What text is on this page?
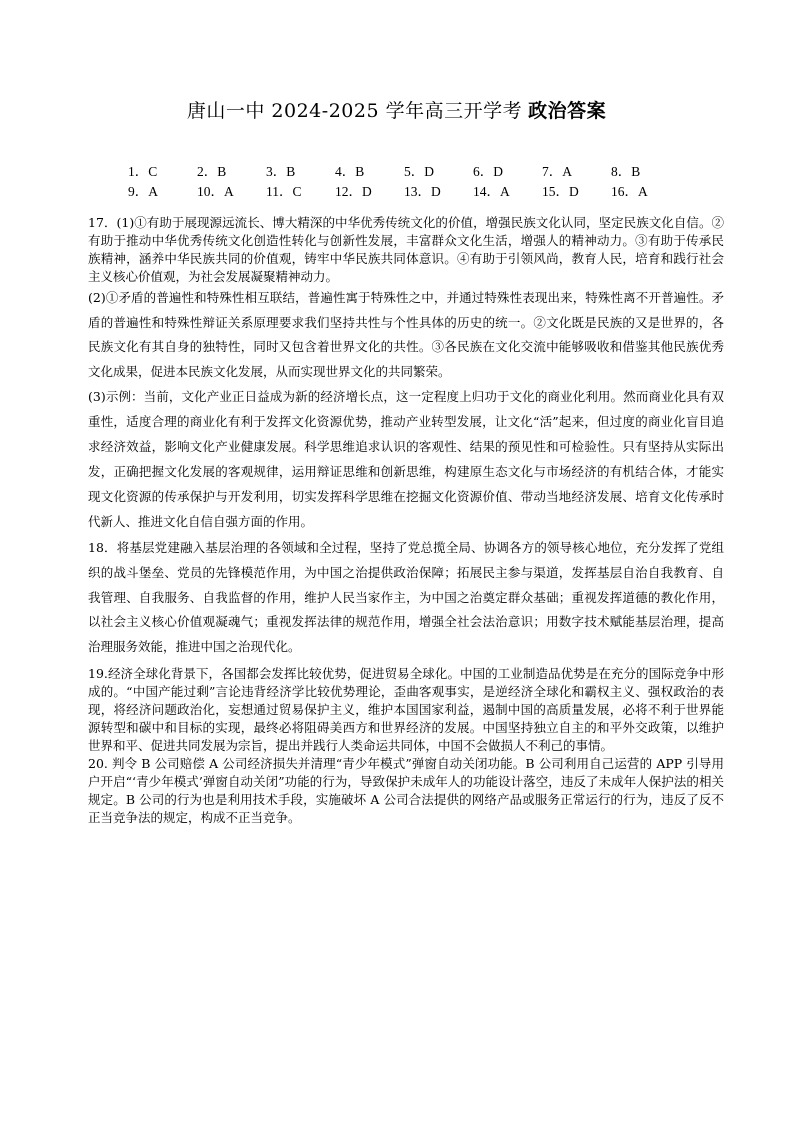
唐山一中 2024-2025 学年高三开学考 政治答案
1．C	2．B	3．B	4．B	5．D	6．D	7．A	8．B
9．A	10．A	11．C	12．D	13．D	14．A	15．D	16．A

17．(1)①有助于展现源远流长、博大精深的中华优秀传统文化的价值，增强民族文化认同，坚定民族文化自信。②有助于推动中华优秀传统文化创造性转化与创新性发展，丰富群众文化生活，增强人的精神动力。③有助于传承民族精神，涵养中华民族共同的价值观，铸牢中华民族共同体意识。④有助于引领风尚，教育人民，培育和践行社会主义核心价值观，为社会发展凝聚精神动力。

(2)①矛盾的普遍性和特殊性相互联结，普遍性寓于特殊性之中，并通过特殊性表现出来，特殊性离不开普遍性。矛盾的普遍性和特殊性辩证关系原理要求我们坚持共性与个性具体的历史的统一。②文化既是民族的又是世界的，各民族文化有其自身的独特性，同时又包含着世界文化的共性。③各民族在文化交流中能够吸收和借鉴其他民族优秀文化成果，促进本民族文化发展，从而实现世界文化的共同繁荣。

(3)示例：当前，文化产业正日益成为新的经济增长点，这一定程度上归功于文化的商业化利用。然而商业化具有双重性，适度合理的商业化有利于发挥文化资源优势，推动产业转型发展，让文化“活”起来，但过度的商业化盲目追求经济效益，影响文化产业健康发展。科学思维追求认识的客观性、结果的预见性和可检验性。只有坚持从实际出发，正确把握文化发展的客观规律，运用辩证思维和创新思维，构建原生态文化与市场经济的有机结合体，才能实现文化资源的传承保护与开发利用，切实发挥科学思维在挖掘文化资源价值、带动当地经济发展、培育文化传承时代新人、推进文化自信自强方面的作用。

18．将基层党建融入基层治理的各领域和全过程，坚持了党总揽全局、协调各方的领导核心地位，充分发挥了党组织的战斗堡垒、党员的先锋模范作用，为中国之治提供政治保障；拓展民主参与渠道，发挥基层自治自我教育、自我管理、自我服务、自我监督的作用，维护人民当家作主，为中国之治奠定群众基础；重视发挥道德的教化作用，以社会主义核心价值观凝魂气；重视发挥法律的规范作用，增强全社会法治意识；用数字技术赋能基层治理，提高治理服务效能，推进中国之治现代化。

19.经济全球化背景下，各国都会发挥比较优势，促进贸易全球化。中国的工业制造品优势是在充分的国际竞争中形成的。“中国产能过剩”言论违背经济学比较优势理论，歪曲客观事实，是逆经济全球化和霸权主义、强权政治的表现，将经济问题政治化，妄想通过贸易保护主义，维护本国国家利益，遏制中国的高质量发展，必将不利于世界能源转型和碳中和目标的实现，最终必将阻碍美西方和世界经济的发展。中国坚持独立自主的和平外交政策，以维护世界和平、促进共同发展为宗旨，提出并践行人类命运共同体，中国不会做损人不利己的事情。

20. 判令 B 公司赔偿 A 公司经济损失并清理“青少年模式”弹窗自动关闭功能。B 公司利用自己运营的 APP 引导用户开启“‘青少年模式’弹窗自动关闭”功能的行为，导致保护未成年人的功能设计落空，违反了未成年人保护法的相关规定。B 公司的行为也是利用技术手段，实施破坏 A 公司合法提供的网络产品或服务正常运行的行为，违反了反不正当竞争法的规定，构成不正当竞争。
